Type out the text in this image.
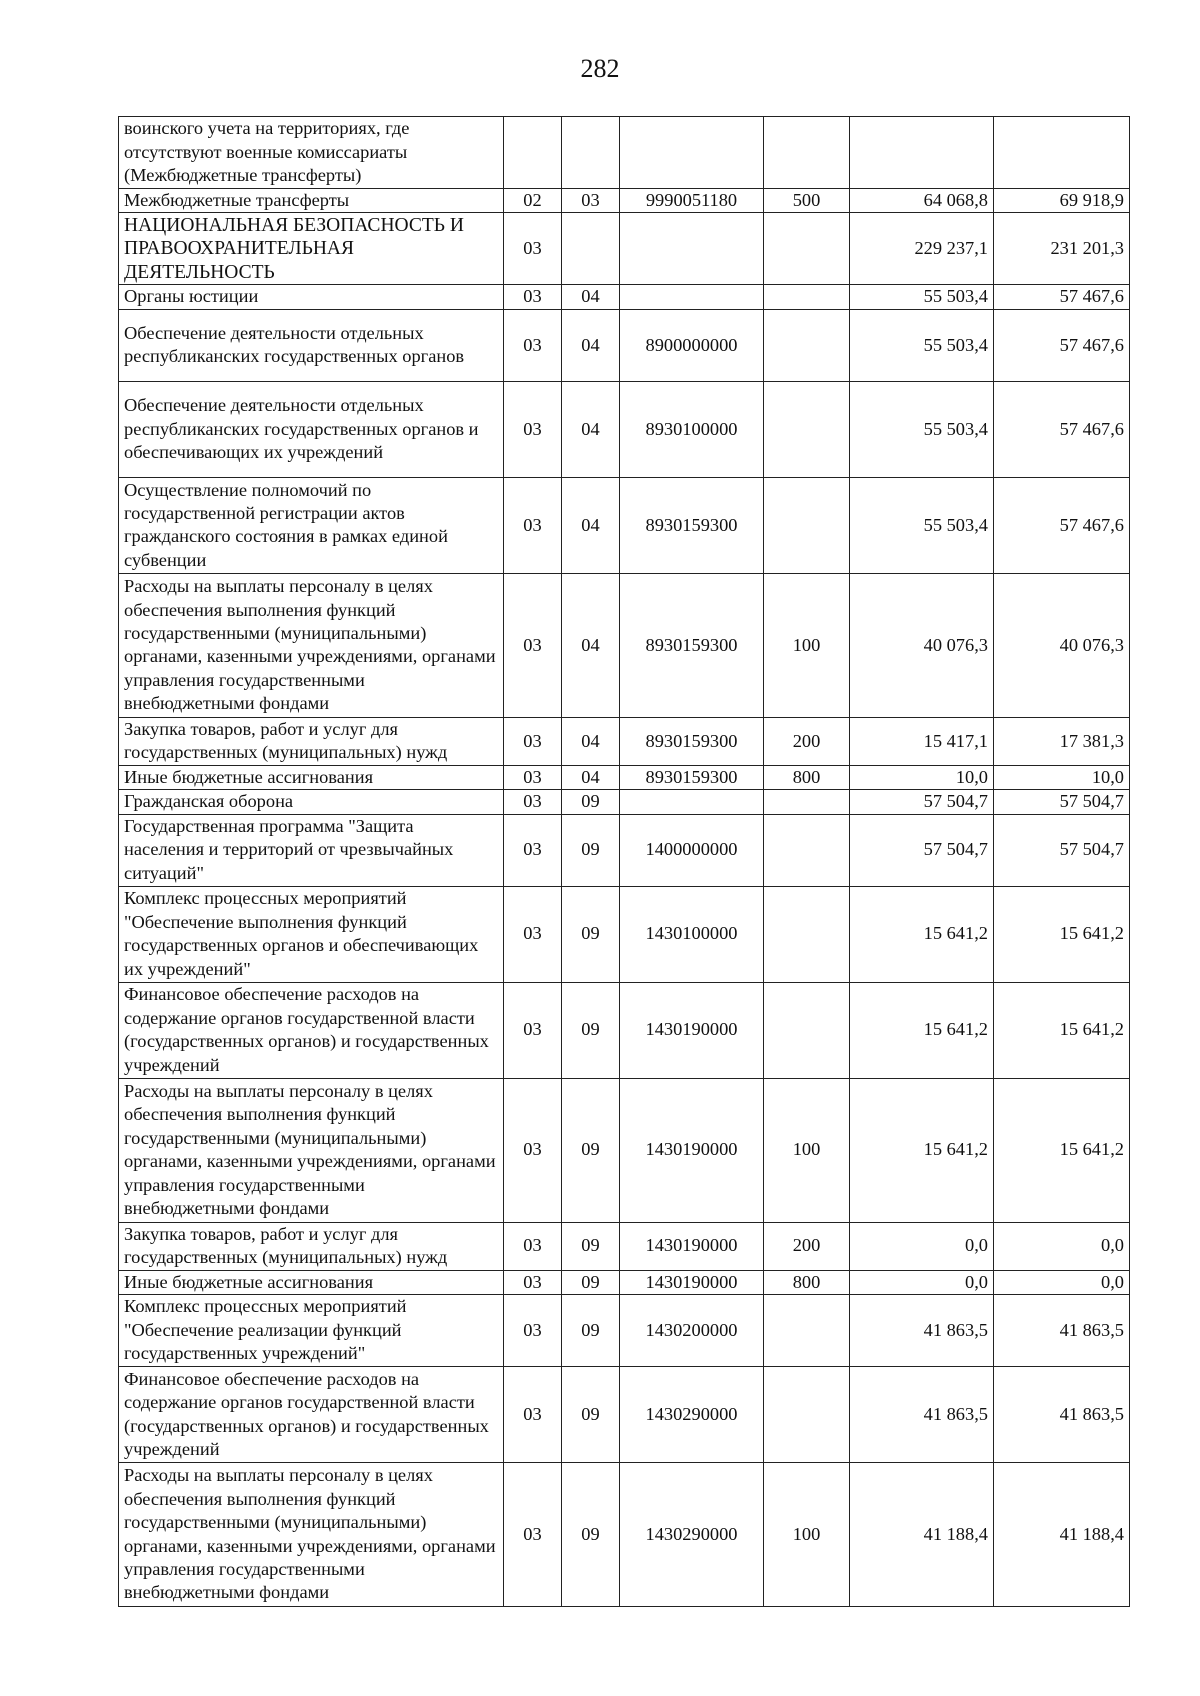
282
воинского учета на территориях, где отсутствуют военные комиссариаты (Межбюджетные трансферты)						
Межбюджетные трансферты	02	03	9990051180	500	64 068,8	69 918,9
НАЦИОНАЛЬНАЯ БЕЗОПАСНОСТЬ И ПРАВООХРАНИТЕЛЬНАЯ ДЕЯТЕЛЬНОСТЬ	03				229 237,1	231 201,3
Органы юстиции	03	04			55 503,4	57 467,6
Обеспечение деятельности отдельных республиканских государственных органов	03	04	8900000000		55 503,4	57 467,6
Обеспечение деятельности отдельных республиканских государственных органов и обеспечивающих их учреждений	03	04	8930100000		55 503,4	57 467,6
Осуществление полномочий по государственной регистрации актов гражданского состояния в рамках единой субвенции	03	04	8930159300		55 503,4	57 467,6
Расходы на выплаты персоналу в целях обеспечения выполнения функций государственными (муниципальными) органами, казенными учреждениями, органами управления государственными внебюджетными фондами	03	04	8930159300	100	40 076,3	40 076,3
Закупка товаров, работ и услуг для государственных (муниципальных) нужд	03	04	8930159300	200	15 417,1	17 381,3
Иные бюджетные ассигнования	03	04	8930159300	800	10,0	10,0
Гражданская оборона	03	09			57 504,7	57 504,7
Государственная программа "Защита населения и территорий от чрезвычайных ситуаций"	03	09	1400000000		57 504,7	57 504,7
Комплекс процессных мероприятий "Обеспечение выполнения функций государственных органов и обеспечивающих их учреждений"	03	09	1430100000		15 641,2	15 641,2
Финансовое обеспечение расходов на содержание органов государственной власти (государственных органов) и государственных учреждений	03	09	1430190000		15 641,2	15 641,2
Расходы на выплаты персоналу в целях обеспечения выполнения функций государственными (муниципальными) органами, казенными учреждениями, органами управления государственными внебюджетными фондами	03	09	1430190000	100	15 641,2	15 641,2
Закупка товаров, работ и услуг для государственных (муниципальных) нужд	03	09	1430190000	200	0,0	0,0
Иные бюджетные ассигнования	03	09	1430190000	800	0,0	0,0
Комплекс процессных мероприятий "Обеспечение реализации функций государственных учреждений"	03	09	1430200000		41 863,5	41 863,5
Финансовое обеспечение расходов на содержание органов государственной власти (государственных органов) и государственных учреждений	03	09	1430290000		41 863,5	41 863,5
Расходы на выплаты персоналу в целях обеспечения выполнения функций государственными (муниципальными) органами, казенными учреждениями, органами управления государственными внебюджетными фондами	03	09	1430290000	100	41 188,4	41 188,4
